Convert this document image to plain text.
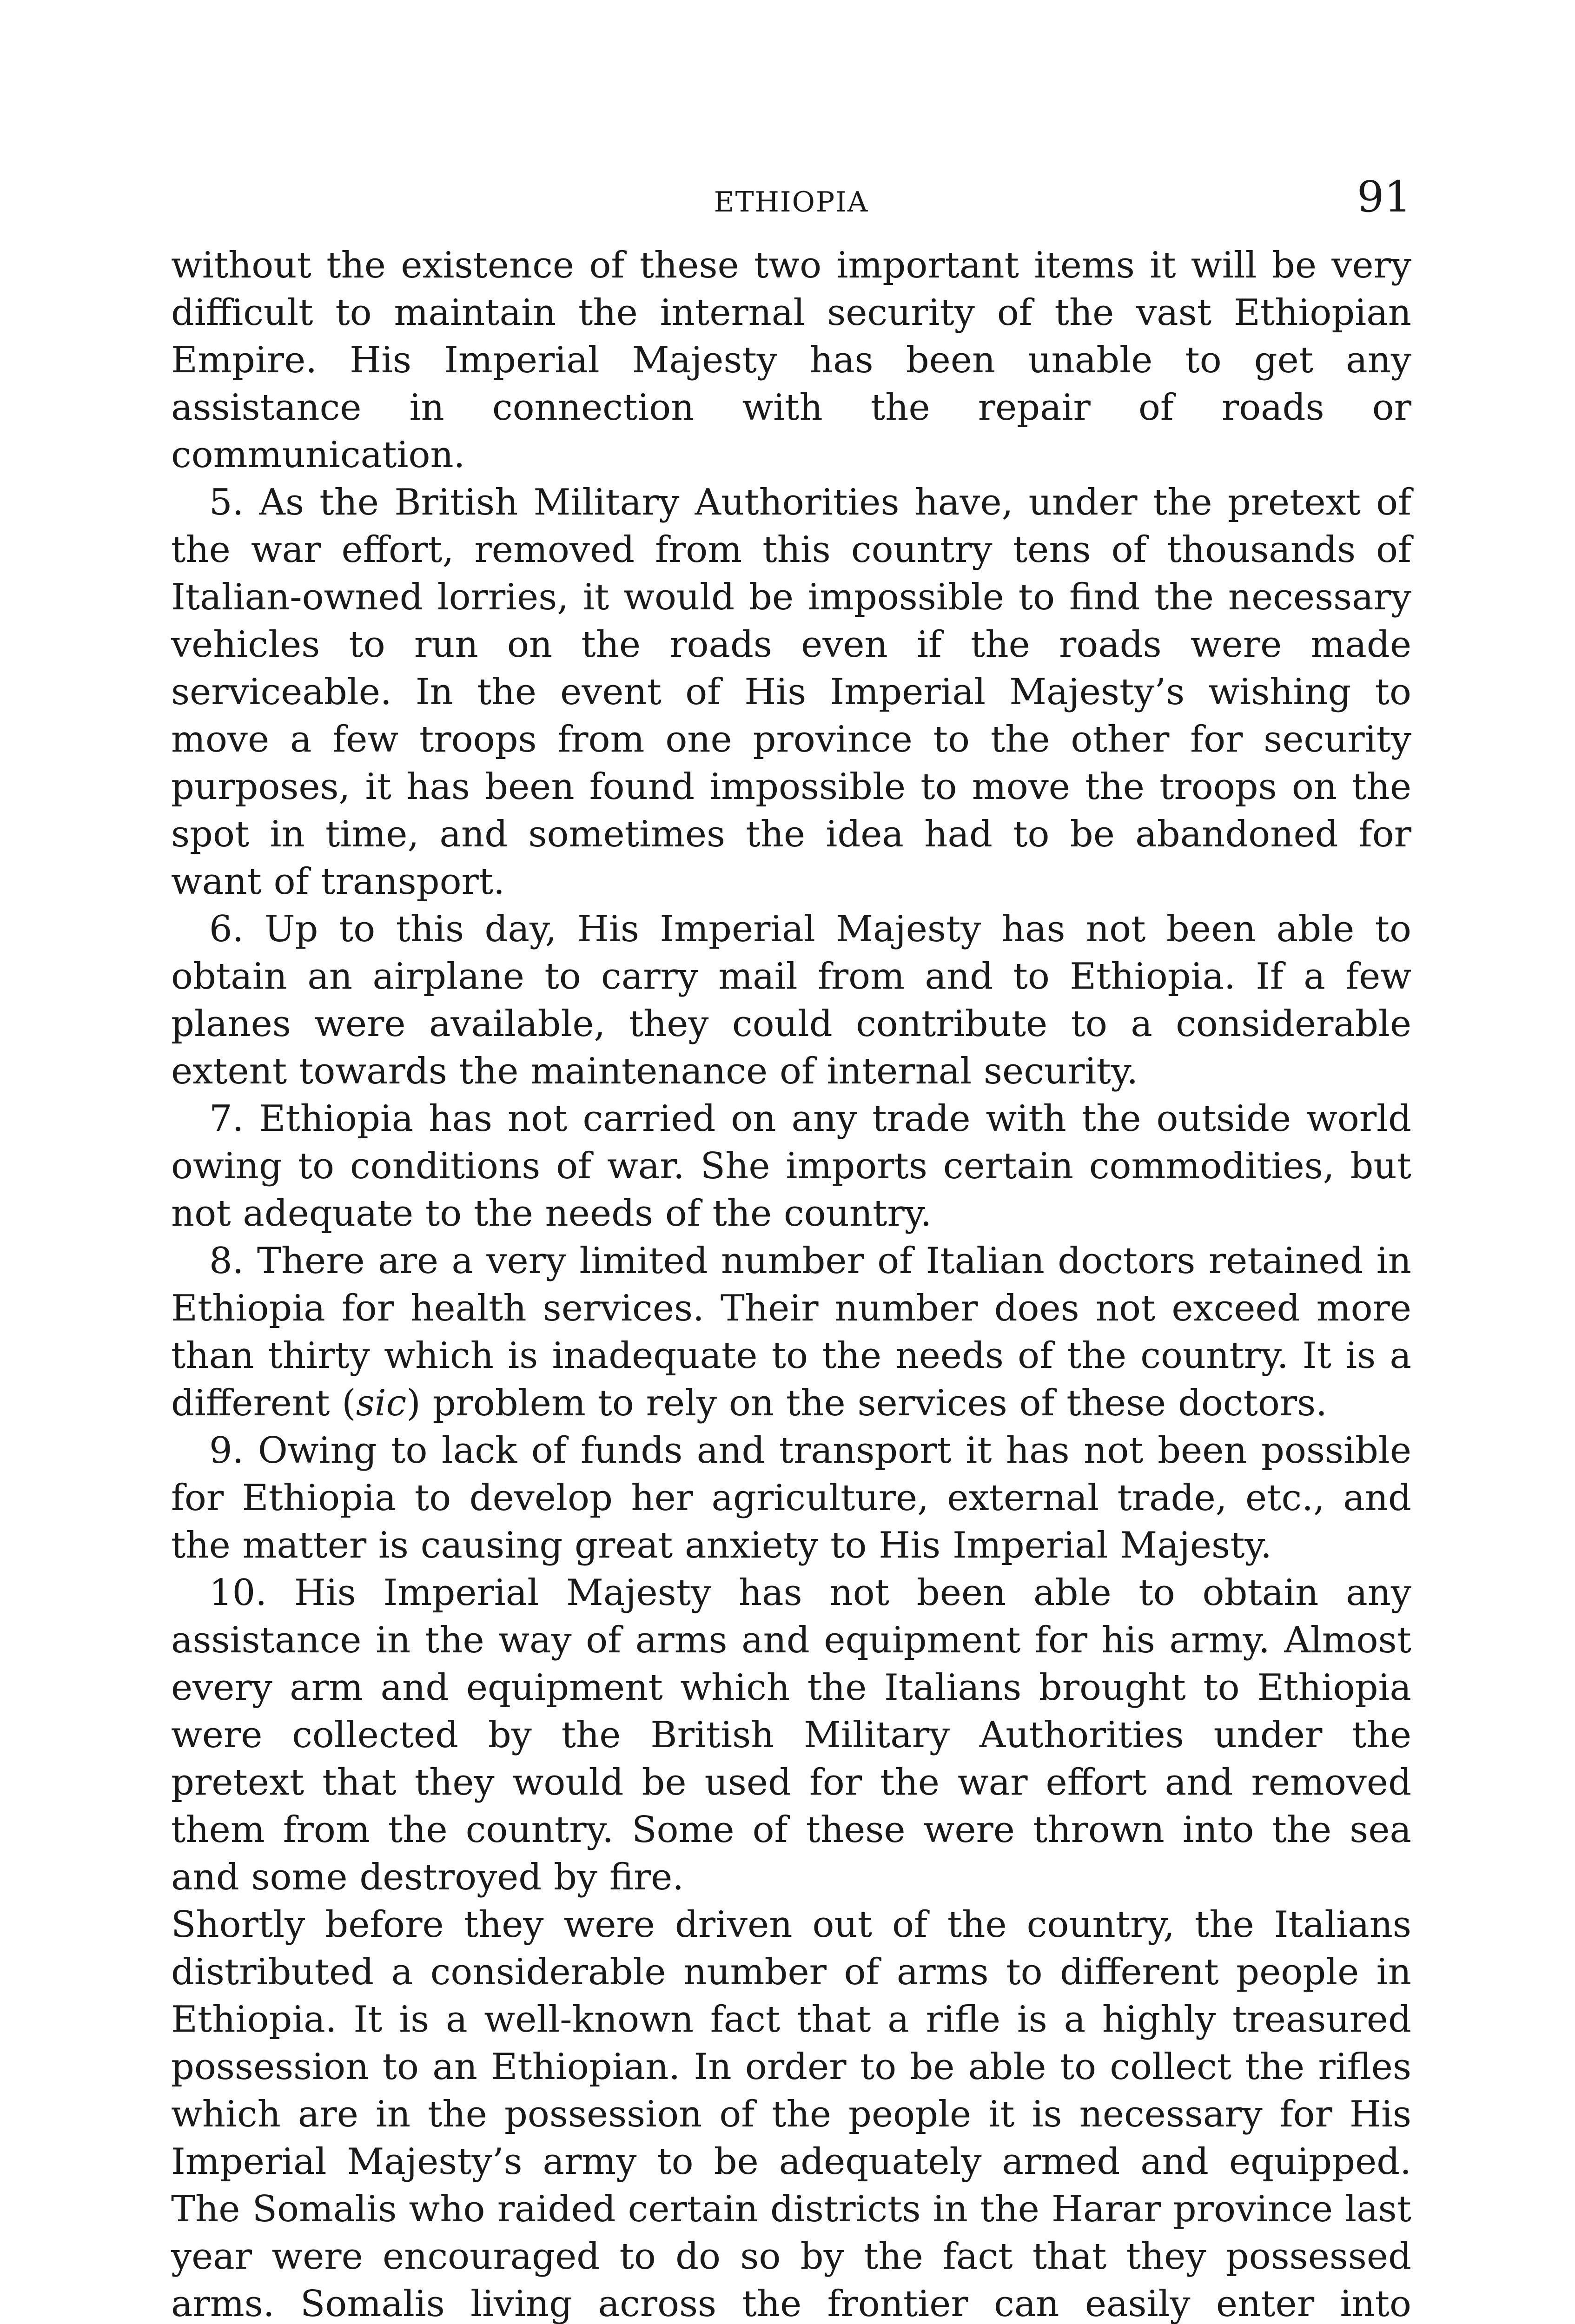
ETHIOPIA	91

without the existence of these two important items it will be very difficult to maintain the internal security of the vast Ethiopian Empire. His Imperial Majesty has been unable to get any assistance in connection with the repair of roads or communication.

5. As the British Military Authorities have, under the pretext of the war effort, removed from this country tens of thousands of Italian-owned lorries, it would be impossible to find the necessary vehicles to run on the roads even if the roads were made serviceable. In the event of His Imperial Majesty’s wishing to move a few troops from one province to the other for security purposes, it has been found impossible to move the troops on the spot in time, and sometimes the idea had to be abandoned for want of transport.

6. Up to this day, His Imperial Majesty has not been able to obtain an airplane to carry mail from and to Ethiopia. If a few planes were available, they could contribute to a considerable extent towards the maintenance of internal security.

7. Ethiopia has not carried on any trade with the outside world owing to conditions of war. She imports certain commodities, but not adequate to the needs of the country.

8. There are a very limited number of Italian doctors retained in Ethiopia for health services. Their number does not exceed more than thirty which is inadequate to the needs of the country. It is a different (sic) problem to rely on the services of these doctors.

9. Owing to lack of funds and transport it has not been possible for Ethiopia to develop her agriculture, external trade, etc., and the matter is causing great anxiety to His Imperial Majesty.

10. His Imperial Majesty has not been able to obtain any assistance in the way of arms and equipment for his army. Almost every arm and equipment which the Italians brought to Ethiopia were collected by the British Military Authorities under the pretext that they would be used for the war effort and removed them from the country. Some of these were thrown into the sea and some destroyed by fire.

Shortly before they were driven out of the country, the Italians distributed a considerable number of arms to different people in Ethiopia. It is a well-known fact that a rifle is a highly treasured possession to an Ethiopian. In order to be able to collect the rifles which are in the possession of the people it is necessary for His Imperial Majesty’s army to be adequately armed and equipped. The Somalis who raided certain districts in the Harar province last year were encouraged to do so by the fact that they possessed arms. Somalis living across the frontier can easily enter into
